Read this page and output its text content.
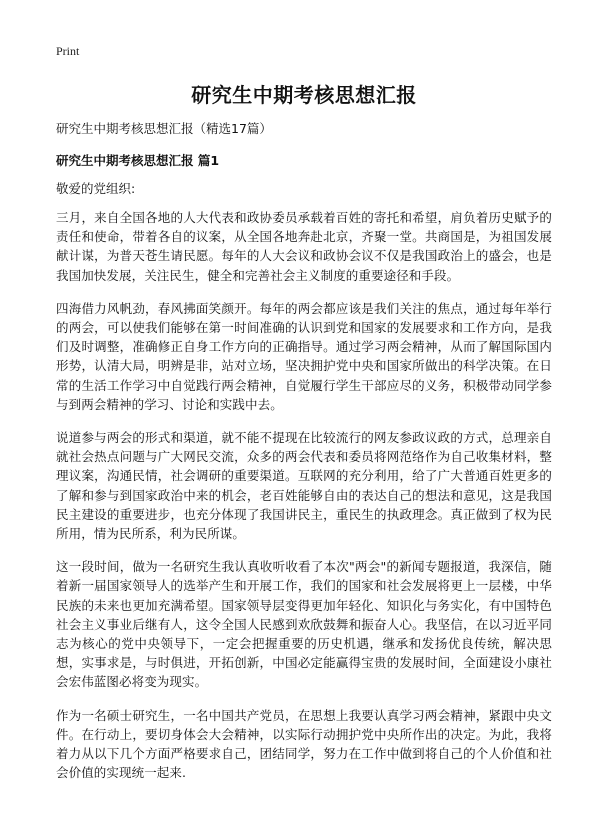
Print
研究生中期考核思想汇报
研究生中期考核思想汇报（精选17篇）
研究生中期考核思想汇报 篇1
敬爱的党组织:

三月，来自全国各地的人大代表和政协委员承载着百姓的寄托和希望，肩负着历史赋予的责任和使命，带着各自的议案，从全国各地奔赴北京，齐聚一堂。共商国是，为祖国发展献计谋，为普天苍生请民愿。每年的人大会议和政协会议不仅是我国政治上的盛会，也是我国加快发展，关注民生，健全和完善社会主义制度的重要途径和手段。

四海借力风帆劲，春风拂面笑颜开。每年的两会都应该是我们关注的焦点，通过每年举行的两会，可以使我们能够在第一时间准确的认识到党和国家的发展要求和工作方向，是我们及时调整，准确修正自身工作方向的正确指导。通过学习两会精神，从而了解国际国内形势，认清大局，明辨是非，站对立场，坚决拥护党中央和国家所做出的科学决策。在日常的生活工作学习中自觉践行两会精神，自觉履行学生干部应尽的义务，积极带动同学参与到两会精神的学习、讨论和实践中去。

说道参与两会的形式和渠道，就不能不提现在比较流行的网友参政议政的方式，总理亲自就社会热点问题与广大网民交流，众多的两会代表和委员将网范络作为自己收集材料，整理议案，沟通民情，社会调研的重要渠道。互联网的充分利用，给了广大普通百姓更多的了解和参与到国家政治中来的机会，老百姓能够自由的表达自己的想法和意见，这是我国民主建设的重要进步，也充分体现了我国讲民主，重民生的执政理念。真正做到了权为民所用，情为民所系，利为民所谋。

这一段时间，做为一名研究生我认真收听收看了本次"两会"的新闻专题报道，我深信，随着新一届国家领导人的选举产生和开展工作，我们的国家和社会发展将更上一层楼，中华民族的未来也更加充满希望。国家领导层变得更加年轻化、知识化与务实化，有中国特色社会主义事业后继有人，这令全国人民感到欢欣鼓舞和振奋人心。我坚信，在以习近平同志为核心的党中央领导下，一定会把握重要的历史机遇，继承和发扬优良传统，解决思想，实事求是，与时俱进，开拓创新，中国必定能赢得宝贵的发展时间，全面建设小康社会宏伟蓝图必将变为现实。

作为一名硕士研究生，一名中国共产党员，在思想上我要认真学习两会精神，紧跟中央文件。在行动上，要切身体会大会精神，以实际行动拥护党中央所作出的决定。为此，我将着力从以下几个方面严格要求自己，团结同学，努力在工作中做到将自己的个人价值和社会价值的实现统一起来.
